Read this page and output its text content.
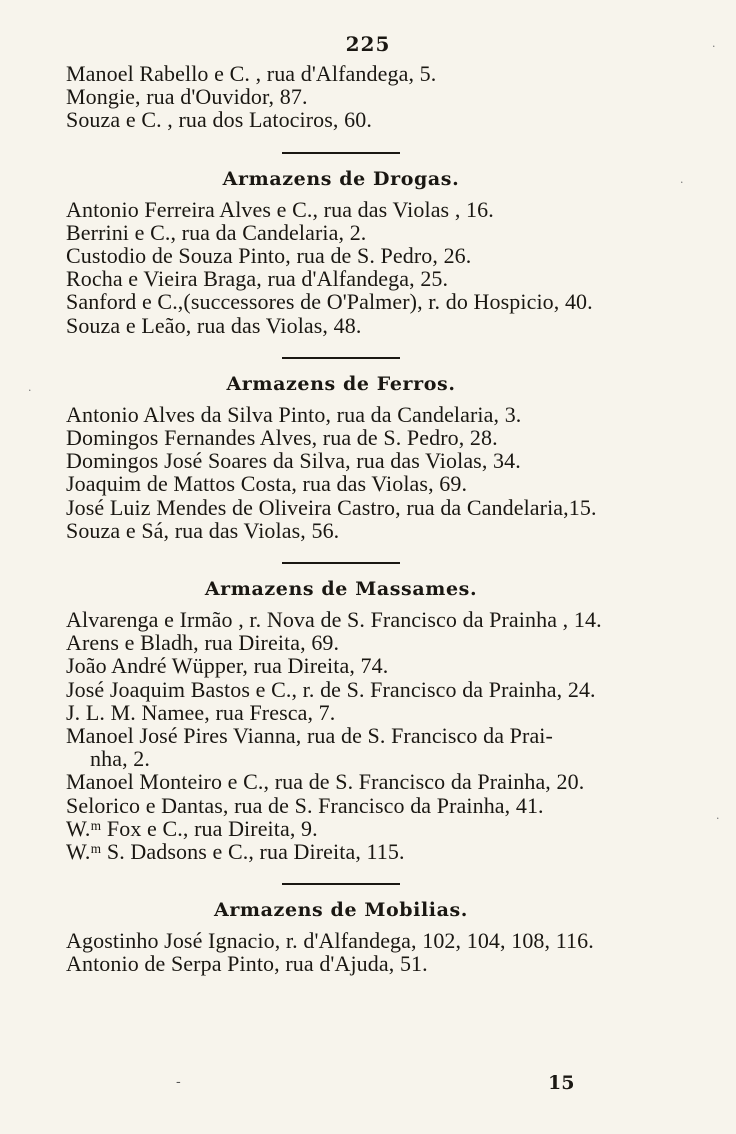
225
Manoel Rabello e C. , rua d'Alfandega, 5.
Mongie, rua d'Ouvidor, 87.
Souza e C. , rua dos Latociros, 60.
Armazens de Drogas.
Antonio Ferreira Alves e C., rua das Violas , 16.
Berrini e C., rua da Candelaria, 2.
Custodio de Souza Pinto, rua de S. Pedro, 26.
Rocha e Vieira Braga, rua d'Alfandega, 25.
Sanford e C.,(successores de O'Palmer), r. do Hospicio, 40.
Souza e Leão, rua das Violas, 48.
Armazens de Ferros.
Antonio Alves da Silva Pinto, rua da Candelaria, 3.
Domingos Fernandes Alves, rua de S. Pedro, 28.
Domingos José Soares da Silva, rua das Violas, 34.
Joaquim de Mattos Costa, rua das Violas, 69.
José Luiz Mendes de Oliveira Castro, rua da Candelaria,15.
Souza e Sá, rua das Violas, 56.
Armazens de Massames.
Alvarenga e Irmão , r. Nova de S. Francisco da Prainha , 14.
Arens e Bladh, rua Direita, 69.
João André Wüpper, rua Direita, 74.
José Joaquim Bastos e C., r. de S. Francisco da Prainha, 24.
J. L. M. Namee, rua Fresca, 7.
Manoel José Pires Vianna, rua de S. Francisco da Prai-
nha, 2.
Manoel Monteiro e C., rua de S. Francisco da Prainha, 20.
Selorico e Dantas, rua de S. Francisco da Prainha, 41.
W.ᵐ Fox e C., rua Direita, 9.
W.ᵐ S. Dadsons e C., rua Direita, 115.
Armazens de Mobilias.
Agostinho José Ignacio, r. d'Alfandega, 102, 104, 108, 116.
Antonio de Serpa Pinto, rua d'Ajuda, 51.
-	15
·
·
·
·
